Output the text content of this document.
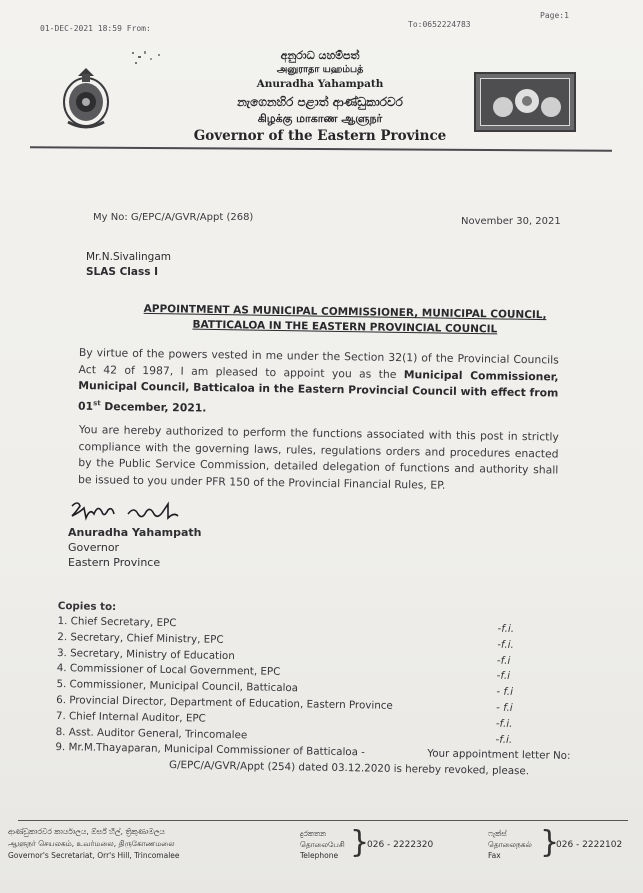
01-DEC-2021 18:59 From:	To:0652224783
Page:1
අනුරාධ යහම්පත්
அனுராதா யஹம்பத்
Anuradha Yahampath
නැගෙනහිර පළාත් ආණ්ඩුකාරවර
கிழக்கு மாகாண ஆளுநர்
Governor of the Eastern Province
My No: G/EPC/A/GVR/Appt (268)	November 30, 2021
Mr.N.Sivalingam
SLAS Class I
APPOINTMENT AS MUNICIPAL COMMISSIONER, MUNICIPAL COUNCIL,
BATTICALOA IN THE EASTERN PROVINCIAL COUNCIL
By virtue of the powers vested in me under the Section 32(1) of the Provincial Councils Act 42 of 1987, I am pleased to appoint you as the Municipal Commissioner, Municipal Council, Batticaloa in the Eastern Provincial Council with effect from 01st December, 2021.
You are hereby authorized to perform the functions associated with this post in strictly compliance with the governing laws, rules, regulations orders and procedures enacted by the Public Service Commission, detailed delegation of functions and authority shall be issued to you under PFR 150 of the Provincial Financial Rules, EP.
Anuradha Yahampath
Governor
Eastern Province
Copies to:
1. Chief Secretary, EPC	-f.i.
2. Secretary, Chief Ministry, EPC	-f.i.
3. Secretary, Ministry of Education	-f.i
4. Commissioner of Local Government, EPC	-f.i
5. Commissioner, Municipal Council, Batticaloa	- f.i
6. Provincial Director, Department of Education, Eastern Province	- f.i
7. Chief Internal Auditor, EPC	-f.i.
8. Asst. Auditor General, Trincomalee	-f.i.
9. Mr.M.Thayaparan, Municipal Commissioner of Batticaloa -	Your appointment letter No:
G/EPC/A/GVR/Appt (254) dated 03.12.2020 is hereby revoked, please.
ආණ්ඩුකාරවර කාර්යාලය, ඕර්ස් හිල්, ත්‍රිකුණාමලය
ஆளுநர் செயலகம், உவர்மலை, திருகோணமலை
Governor's Secretariat, Orr's Hill, Trincomalee
දුරකතන
தொலைபேசி
Telephone }
026 - 2222320
ෆැක්ස්
தொலைநகல்
Fax	}
026 - 2222102
